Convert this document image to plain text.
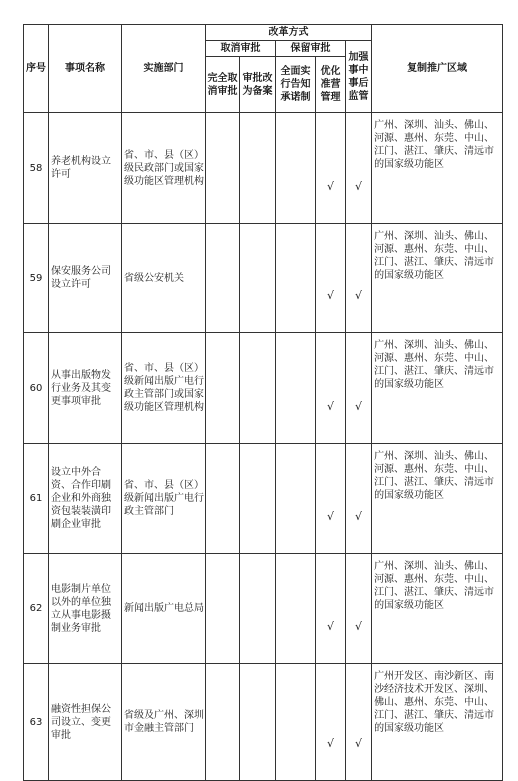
序号	事项名称	实施部门	改革方式					复制推广区域
			取消审批		保留审批		加强事中事后监管	
			完全取消审批	审批改为备案	全面实行告知承诺制	优化准营管理		
58	养老机构设立许可	省、市、县（区）级民政部门或国家级功能区管理机构				√	√	广州、深圳、汕头、佛山、河源、惠州、东莞、中山、江门、湛江、肇庆、清远市的国家级功能区
59	保安服务公司设立许可	省级公安机关				√	√	广州、深圳、汕头、佛山、河源、惠州、东莞、中山、江门、湛江、肇庆、清远市的国家级功能区
60	从事出版物发行业务及其变更事项审批	省、市、县（区）级新闻出版广电行政主管部门或国家级功能区管理机构				√	√	广州、深圳、汕头、佛山、河源、惠州、东莞、中山、江门、湛江、肇庆、清远市的国家级功能区
61	设立中外合资、合作印刷企业和外商独资包装装潢印刷企业审批	省、市、县（区）级新闻出版广电行政主管部门				√	√	广州、深圳、汕头、佛山、河源、惠州、东莞、中山、江门、湛江、肇庆、清远市的国家级功能区
62	电影制片单位以外的单位独立从事电影摄制业务审批	新闻出版广电总局				√	√	广州、深圳、汕头、佛山、河源、惠州、东莞、中山、江门、湛江、肇庆、清远市的国家级功能区
63	融资性担保公司设立、变更审批	省级及广州、深圳市金融主管部门				√	√	广州开发区、南沙新区、南沙经济技术开发区、深圳、佛山、惠州、东莞、中山、江门、湛江、肇庆、清远市的国家级功能区
